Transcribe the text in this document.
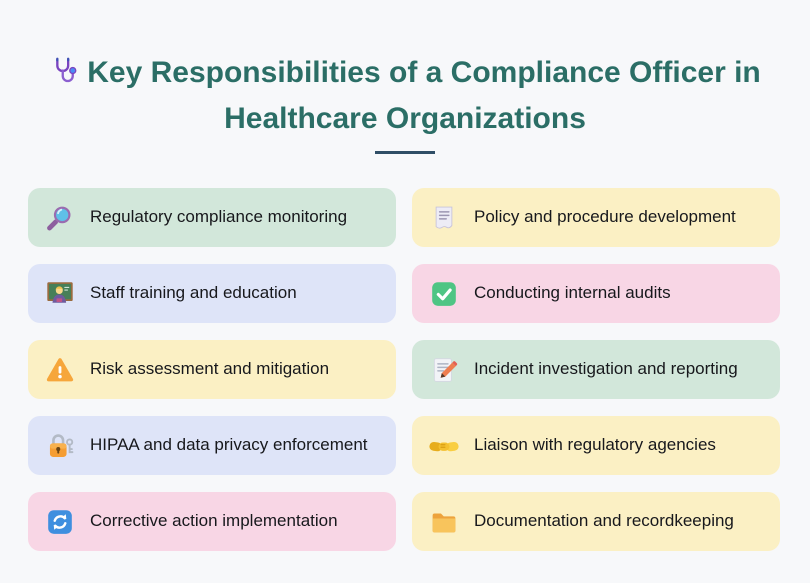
Key Responsibilities of a Compliance Officer in Healthcare Organizations
Regulatory compliance monitoring	Policy and procedure development
Staff training and education	Conducting internal audits
Risk assessment and mitigation	Incident investigation and reporting
HIPAA and data privacy enforcement	Liaison with regulatory agencies
Corrective action implementation	Documentation and recordkeeping
